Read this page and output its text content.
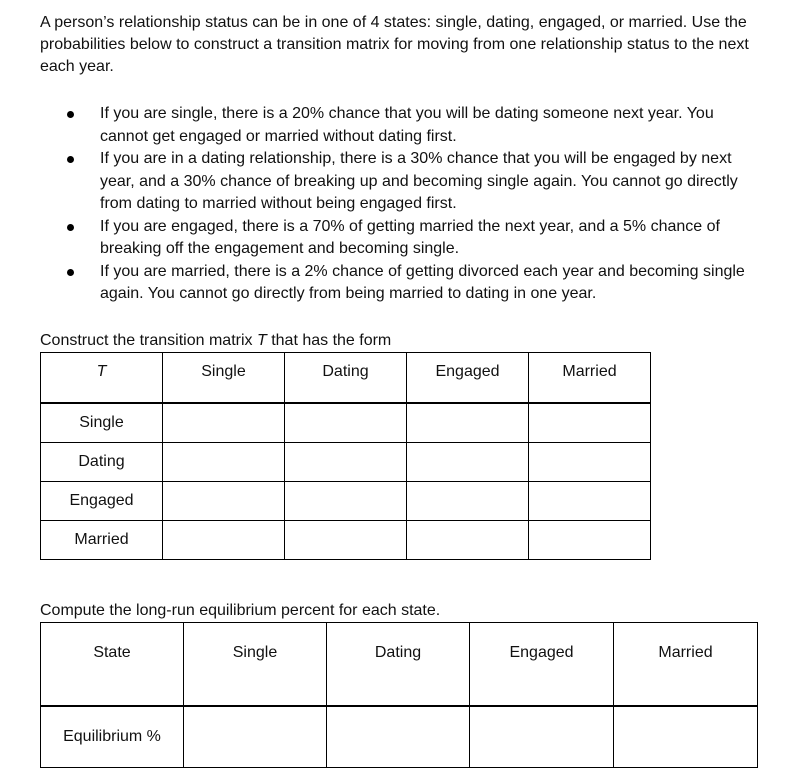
A person’s relationship status can be in one of 4 states: single, dating, engaged, or married. Use the probabilities below to construct a transition matrix for moving from one relationship status to the next each year.

If you are single, there is a 20% chance that you will be dating someone next year. You cannot get engaged or married without dating first.
If you are in a dating relationship, there is a 30% chance that you will be engaged by next year, and a 30% chance of breaking up and becoming single again. You cannot go directly from dating to married without being engaged first.
If you are engaged, there is a 70% of getting married the next year, and a 5% chance of breaking off the engagement and becoming single.
If you are married, there is a 2% chance of getting divorced each year and becoming single again. You cannot go directly from being married to dating in one year.

Construct the transition matrix T that has the form

T	Single	Dating	Engaged	Married
Single				
Dating				
Engaged				
Married				

Compute the long-run equilibrium percent for each state.

State	Single	Dating	Engaged	Married
Equilibrium %				
